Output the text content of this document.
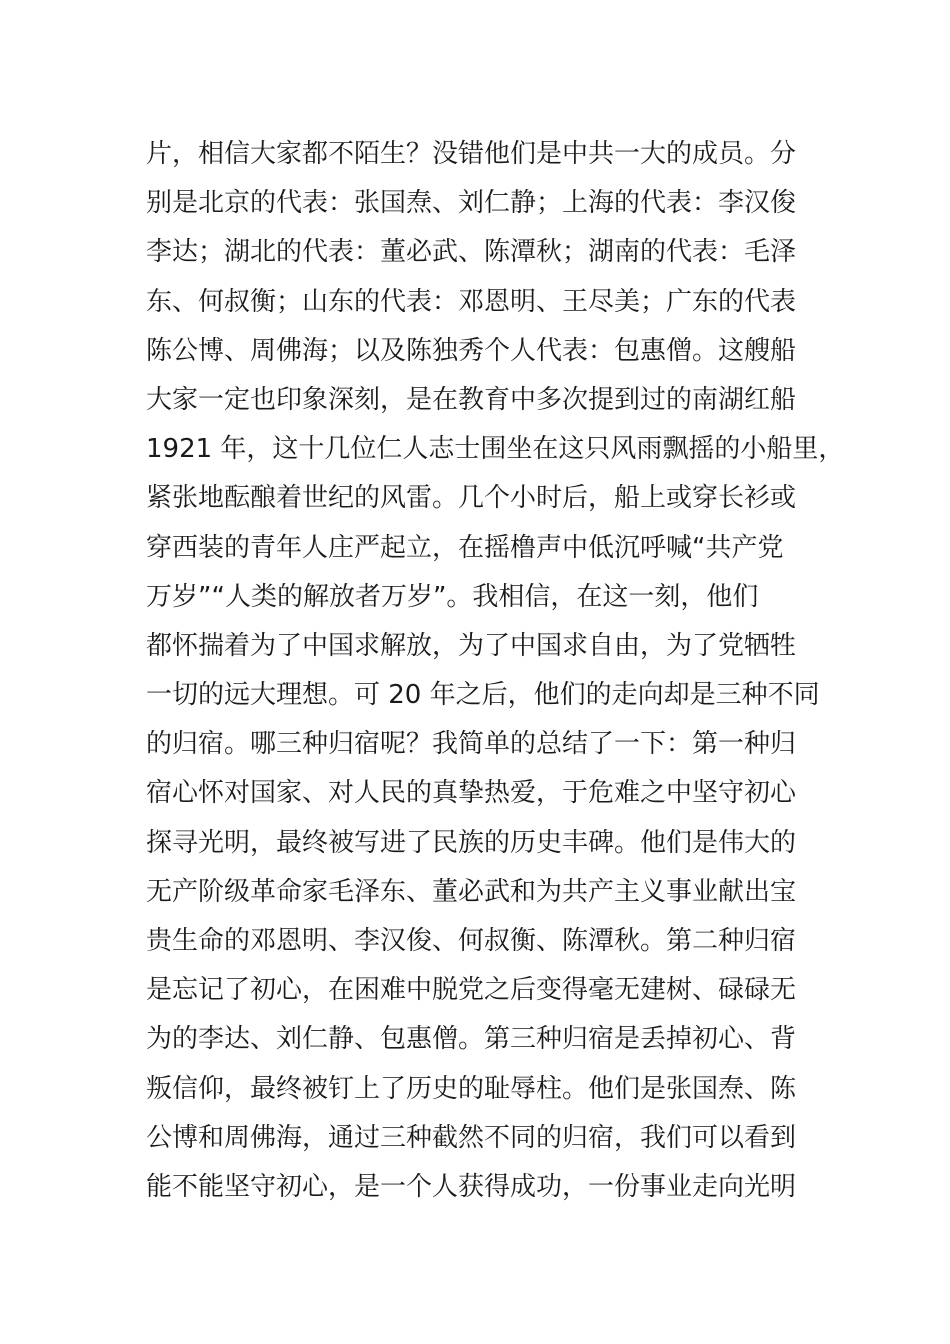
片，相信大家都不陌生？没错他们是中共一大的成员。分
别是北京的代表：张国焘、刘仁静；上海的代表：李汉俊
李达；湖北的代表：董必武、陈潭秋；湖南的代表：毛泽
东、何叔衡；山东的代表：邓恩明、王尽美；广东的代表
陈公博、周佛海；以及陈独秀个人代表：包惠僧。这艘船
大家一定也印象深刻，是在教育中多次提到过的南湖红船
1921 年，这十几位仁人志士围坐在这只风雨飘摇的小船里，
紧张地酝酿着世纪的风雷。几个小时后，船上或穿长衫或
穿西装的青年人庄严起立，在摇橹声中低沉呼喊“共产党
万岁”“人类的解放者万岁”。我相信，在这一刻，他们
都怀揣着为了中国求解放，为了中国求自由，为了党牺牲
一切的远大理想。可 20 年之后，他们的走向却是三种不同
的归宿。哪三种归宿呢？我简单的总结了一下：第一种归
宿心怀对国家、对人民的真挚热爱，于危难之中坚守初心
探寻光明，最终被写进了民族的历史丰碑。他们是伟大的
无产阶级革命家毛泽东、董必武和为共产主义事业献出宝
贵生命的邓恩明、李汉俊、何叔衡、陈潭秋。第二种归宿
是忘记了初心，在困难中脱党之后变得毫无建树、碌碌无
为的李达、刘仁静、包惠僧。第三种归宿是丢掉初心、背
叛信仰，最终被钉上了历史的耻辱柱。他们是张国焘、陈
公博和周佛海，通过三种截然不同的归宿，我们可以看到
能不能坚守初心，是一个人获得成功，一份事业走向光明
